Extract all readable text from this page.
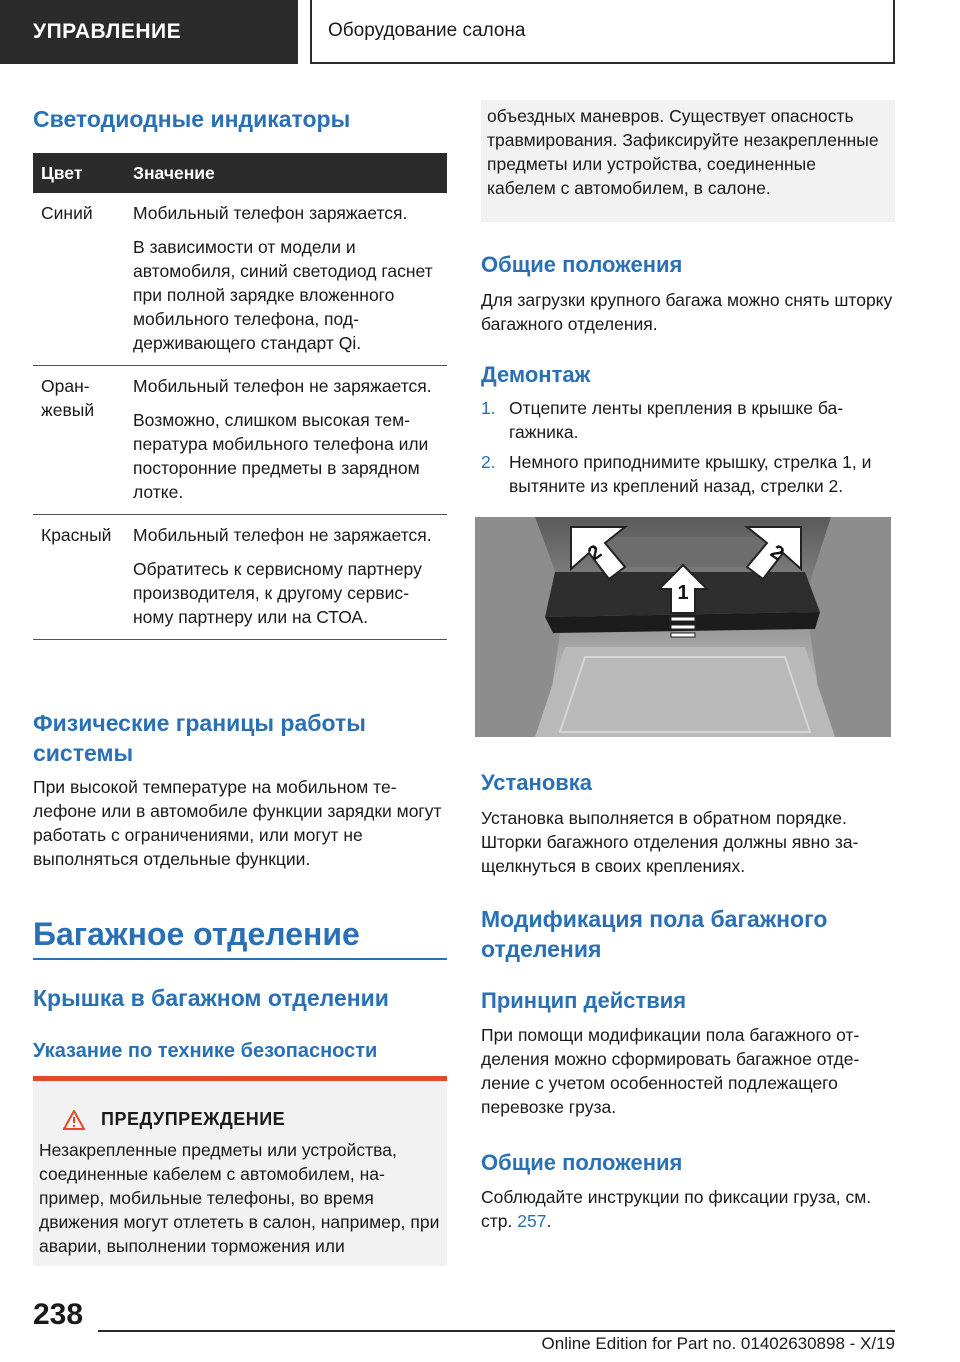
УПРАВЛЕНИЕ	Оборудование салона
Светодиодные индикаторы
Цвет	Значение
Синий	Мобильный телефон заряжается.

В зависимости от модели и автомобиля, синий светодиод гаснет при полной зарядке вложенного мобильного телефона, поддерживающего стандарт Qi.

Оранжевый	Мобильный телефон не заряжается.

Возможно, слишком высокая температура мобильного телефона или посторонние предметы в зарядном лотке.

Красный	Мобильный телефон не заряжается.

Обратитесь к сервисному партнеру производителя, к другому сервисному партнеру или на СТОА.

Физические границы работы системы

При высокой температуре на мобильном телефоне или в автомобиле функции зарядки могут работать с ограничениями, или могут не выполняться отдельные функции.

Багажное отделение
Крышка в багажном отделении
Указание по технике безопасности
ПРЕДУПРЕЖДЕНИЕ

Незакрепленные предметы или устройства, соединенные кабелем с автомобилем, например, мобильные телефоны, во время движения могут отлететь в салон, например, при аварии, выполнении торможения или

объездных маневров. Существует опасность травмирования. Зафиксируйте незакрепленные предметы или устройства, соединенные кабелем с автомобилем, в салоне.

Общие положения

Для загрузки крупного багажа можно снять шторку багажного отделения.

Демонтаж
1. Отцепите ленты крепления в крышке багажника.
2. Немного приподнимите крышку, стрелка 1, и вытяните из креплений назад, стрелки 2.
1
2	2
Установка

Установка выполняется в обратном порядке. Шторки багажного отделения должны явно защелкнуться в своих креплениях.

Модификация пола багажного отделения
Принцип действия

При помощи модификации пола багажного отделения можно сформировать багажное отделение с учетом особенностей подлежащего перевозке груза.

Общие положения

Соблюдайте инструкции по фиксации груза, см. стр. 257.

238
Online Edition for Part no. 01402630898 - X/19
